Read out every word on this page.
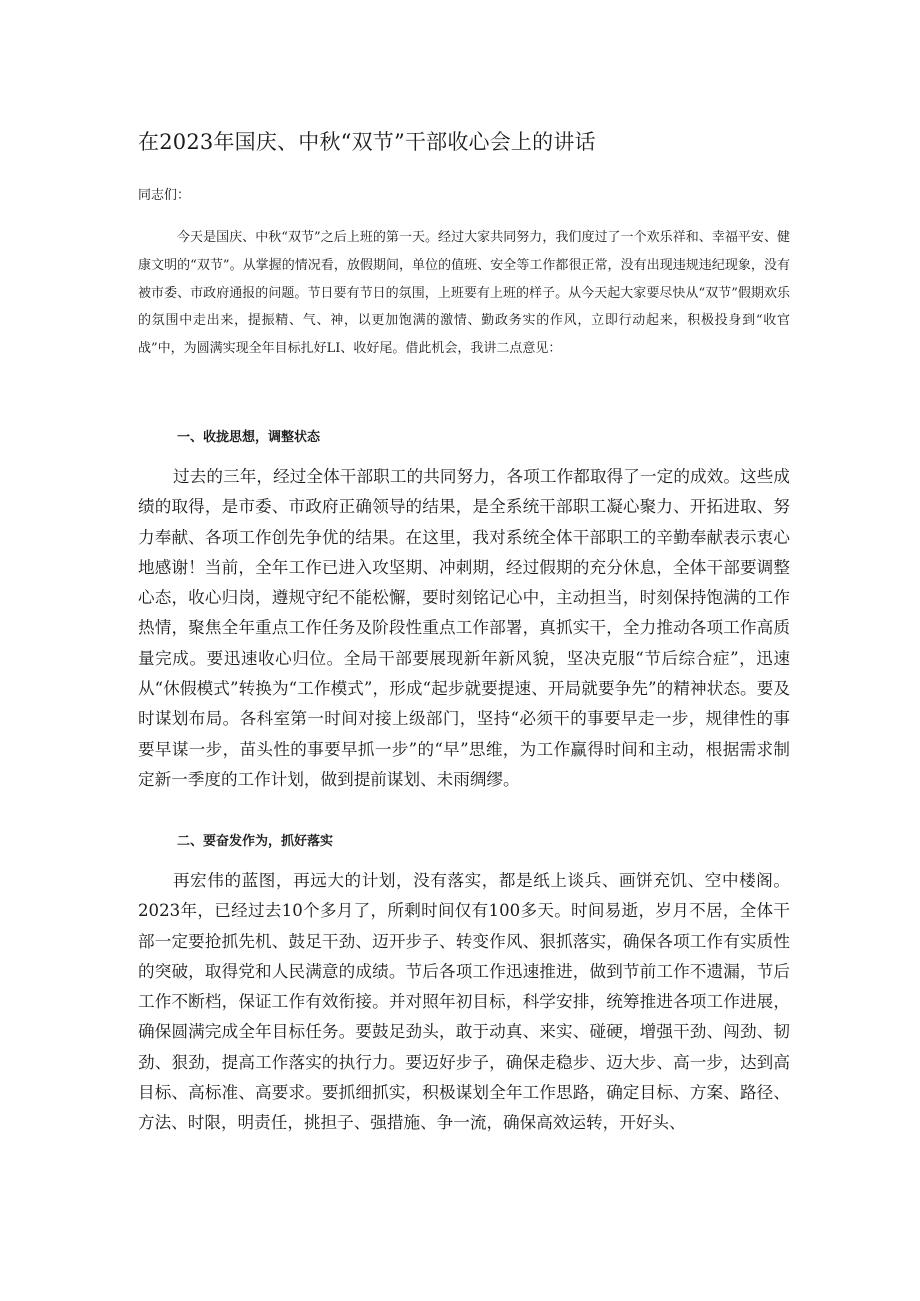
在2023年国庆、中秋“双节”干部收心会上的讲话
同志们：
今天是国庆、中秋“双节”之后上班的第一天。经过大家共同努力，我们度过了一个欢乐祥和、幸福平安、健康文明的“双节”。从掌握的情况看，放假期间，单位的值班、安全等工作都很正常，没有出现违规违纪现象，没有被市委、市政府通报的问题。节日要有节日的氛围，上班要有上班的样子。从今天起大家要尽快从“双节”假期欢乐的氛围中走出来，提振精、气、神，以更加饱满的激情、勤政务实的作风，立即行动起来，积极投身到“收官战”中，为圆满实现全年目标扎好LI、收好尾。借此机会，我讲二点意见：
一、收拢思想，调整状态
过去的三年，经过全体干部职工的共同努力，各项工作都取得了一定的成效。这些成绩的取得，是市委、市政府正确领导的结果，是全系统干部职工凝心聚力、开拓进取、努力奉献、各项工作创先争优的结果。在这里，我对系统全体干部职工的辛勤奉献表示衷心地感谢！当前，全年工作已进入攻坚期、冲刺期，经过假期的充分休息，全体干部要调整心态，收心归岗，遵规守纪不能松懈，要时刻铭记心中，主动担当，时刻保持饱满的工作热情，聚焦全年重点工作任务及阶段性重点工作部署，真抓实干，全力推动各项工作高质量完成。要迅速收心归位。全局干部要展现新年新风貌，坚决克服“节后综合症”，迅速从“休假模式”转换为“工作模式”，形成“起步就要提速、开局就要争先”的精神状态。要及时谋划布局。各科室第一时间对接上级部门，坚持“必须干的事要早走一步，规律性的事要早谋一步，苗头性的事要早抓一步”的“早”思维，为工作赢得时间和主动，根据需求制定新一季度的工作计划，做到提前谋划、未雨绸缪。
二、要奋发作为，抓好落实
再宏伟的蓝图，再远大的计划，没有落实，都是纸上谈兵、画饼充饥、空中楼阁。2023年，已经过去10个多月了，所剩时间仅有100多天。时间易逝，岁月不居，全体干部一定要抢抓先机、鼓足干劲、迈开步子、转变作风、狠抓落实，确保各项工作有实质性的突破，取得党和人民满意的成绩。节后各项工作迅速推进，做到节前工作不遗漏，节后工作不断档，保证工作有效衔接。并对照年初目标，科学安排，统筹推进各项工作进展，确保圆满完成全年目标任务。要鼓足劲头，敢于动真、来实、碰硬，增强干劲、闯劲、韧劲、狠劲，提高工作落实的执行力。要迈好步子，确保走稳步、迈大步、高一步，达到高目标、高标准、高要求。要抓细抓实，积极谋划全年工作思路，确定目标、方案、路径、方法、时限，明责任，挑担子、强措施、争一流，确保高效运转，开好头、
